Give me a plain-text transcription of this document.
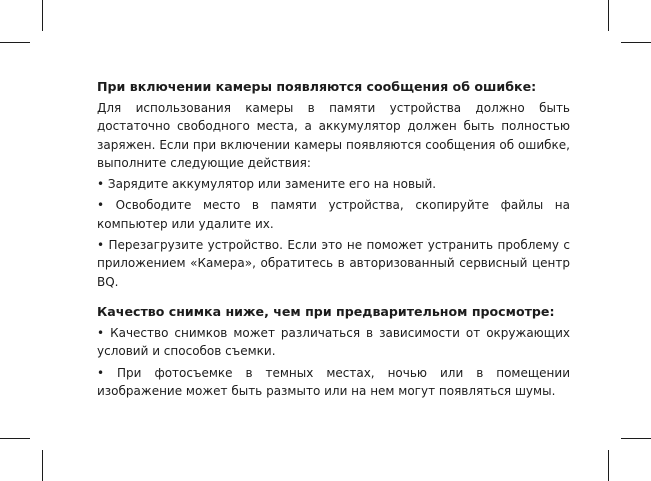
При включении камеры появляются сообщения об ошибке:
Для использования камеры в памяти устройства должно быть достаточно свободного места, а аккумулятор должен быть полностью заряжен. Если при включении камеры появляются сообщения об ошибке, выполните следующие действия:
• Зарядите аккумулятор или замените его на новый.
• Освободите место в памяти устройства, скопируйте файлы на компьютер или удалите их.
• Перезагрузите устройство. Если это не поможет устранить проблему с приложением «Камера», обратитесь в авторизованный сервисный центр BQ.
Качество снимка ниже, чем при предварительном просмотре:
• Качество снимков может различаться в зависимости от окружающих условий и способов съемки.
• При фотосъемке в темных местах, ночью или в помещении изображение может быть размыто или на нем могут появляться шумы.
